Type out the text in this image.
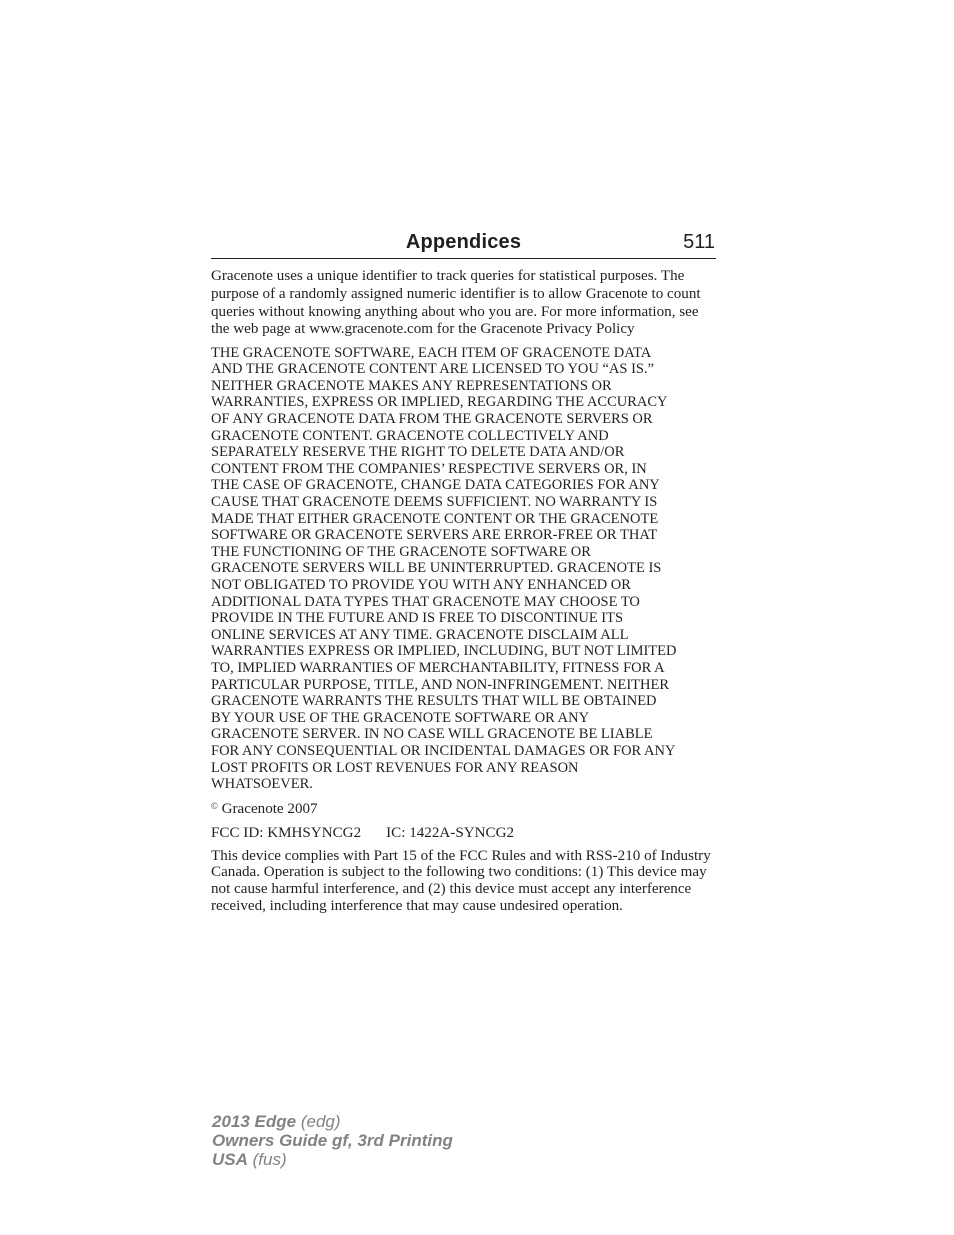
Appendices	511

Gracenote uses a unique identifier to track queries for statistical purposes. The purpose of a randomly assigned numeric identifier is to allow Gracenote to count queries without knowing anything about who you are. For more information, see the web page at www.gracenote.com for the Gracenote Privacy Policy

THE GRACENOTE SOFTWARE, EACH ITEM OF GRACENOTE DATA
AND THE GRACENOTE CONTENT ARE LICENSED TO YOU “AS IS.”
NEITHER GRACENOTE MAKES ANY REPRESENTATIONS OR
WARRANTIES, EXPRESS OR IMPLIED, REGARDING THE ACCURACY
OF ANY GRACENOTE DATA FROM THE GRACENOTE SERVERS OR
GRACENOTE CONTENT. GRACENOTE COLLECTIVELY AND
SEPARATELY RESERVE THE RIGHT TO DELETE DATA AND/OR
CONTENT FROM THE COMPANIES’ RESPECTIVE SERVERS OR, IN
THE CASE OF GRACENOTE, CHANGE DATA CATEGORIES FOR ANY
CAUSE THAT GRACENOTE DEEMS SUFFICIENT. NO WARRANTY IS
MADE THAT EITHER GRACENOTE CONTENT OR THE GRACENOTE
SOFTWARE OR GRACENOTE SERVERS ARE ERROR-FREE OR THAT
THE FUNCTIONING OF THE GRACENOTE SOFTWARE OR
GRACENOTE SERVERS WILL BE UNINTERRUPTED. GRACENOTE IS
NOT OBLIGATED TO PROVIDE YOU WITH ANY ENHANCED OR
ADDITIONAL DATA TYPES THAT GRACENOTE MAY CHOOSE TO
PROVIDE IN THE FUTURE AND IS FREE TO DISCONTINUE ITS
ONLINE SERVICES AT ANY TIME. GRACENOTE DISCLAIM ALL
WARRANTIES EXPRESS OR IMPLIED, INCLUDING, BUT NOT LIMITED
TO, IMPLIED WARRANTIES OF MERCHANTABILITY, FITNESS FOR A
PARTICULAR PURPOSE, TITLE, AND NON-INFRINGEMENT. NEITHER
GRACENOTE WARRANTS THE RESULTS THAT WILL BE OBTAINED
BY YOUR USE OF THE GRACENOTE SOFTWARE OR ANY
GRACENOTE SERVER. IN NO CASE WILL GRACENOTE BE LIABLE
FOR ANY CONSEQUENTIAL OR INCIDENTAL DAMAGES OR FOR ANY
LOST PROFITS OR LOST REVENUES FOR ANY REASON
WHATSOEVER.

© Gracenote 2007

FCC ID: KMHSYNCG2 IC: 1422A-SYNCG2

This device complies with Part 15 of the FCC Rules and with RSS-210 of Industry Canada. Operation is subject to the following two conditions: (1) This device may not cause harmful interference, and (2) this device must accept any interference received, including interference that may cause undesired operation.

2013 Edge (edg)
Owners Guide gf, 3rd Printing
USA (fus)
